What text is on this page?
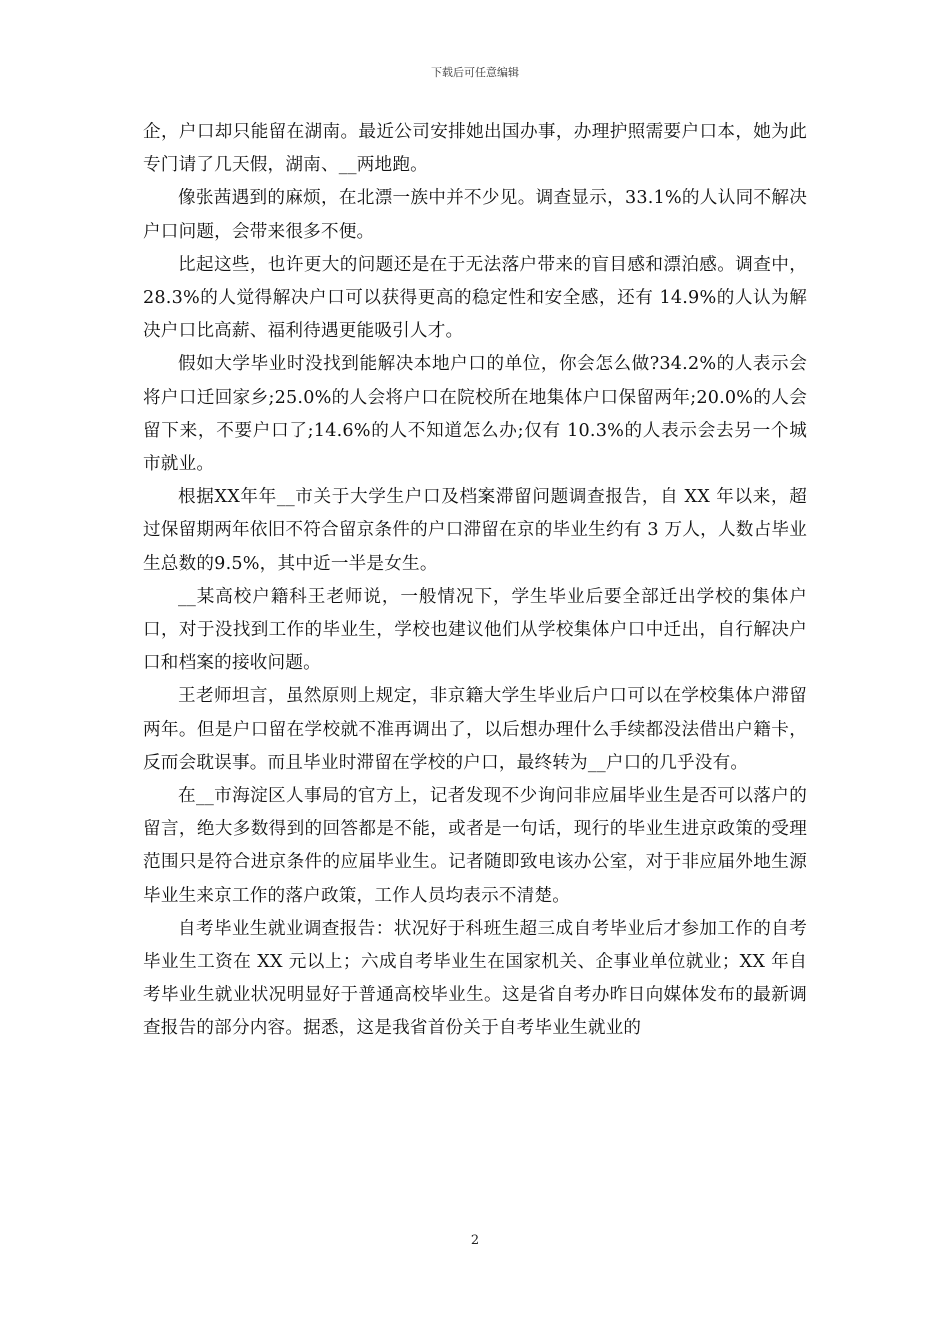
下载后可任意编辑

企，户口却只能留在湖南。最近公司安排她出国办事，办理护照需要户口本，她为此专门请了几天假，湖南、__两地跑。

像张茜遇到的麻烦，在北漂一族中并不少见。调查显示，33.1%的人认同不解决户口问题，会带来很多不便。

比起这些，也许更大的问题还是在于无法落户带来的盲目感和漂泊感。调查中，28.3%的人觉得解决户口可以获得更高的稳定性和安全感，还有 14.9%的人认为解决户口比高薪、福利待遇更能吸引人才。

假如大学毕业时没找到能解决本地户口的单位，你会怎么做?34.2%的人表示会将户口迁回家乡;25.0%的人会将户口在院校所在地集体户口保留两年;20.0%的人会留下来，不要户口了;14.6%的人不知道怎么办;仅有 10.3%的人表示会去另一个城市就业。

根据XX年年__市关于大学生户口及档案滞留问题调查报告，自 XX 年以来，超过保留期两年依旧不符合留京条件的户口滞留在京的毕业生约有 3 万人，人数占毕业生总数的9.5%，其中近一半是女生。

__某高校户籍科王老师说，一般情况下，学生毕业后要全部迁出学校的集体户口，对于没找到工作的毕业生，学校也建议他们从学校集体户口中迁出，自行解决户口和档案的接收问题。

王老师坦言，虽然原则上规定，非京籍大学生毕业后户口可以在学校集体户滞留两年。但是户口留在学校就不准再调出了，以后想办理什么手续都没法借出户籍卡，反而会耽误事。而且毕业时滞留在学校的户口，最终转为__户口的几乎没有。

在__市海淀区人事局的官方上，记者发现不少询问非应届毕业生是否可以落户的留言，绝大多数得到的回答都是不能，或者是一句话，现行的毕业生进京政策的受理范围只是符合进京条件的应届毕业生。记者随即致电该办公室，对于非应届外地生源毕业生来京工作的落户政策，工作人员均表示不清楚。

自考毕业生就业调查报告：状况好于科班生超三成自考毕业后才参加工作的自考毕业生工资在 XX 元以上；六成自考毕业生在国家机关、企事业单位就业；XX 年自考毕业生就业状况明显好于普通高校毕业生。这是省自考办昨日向媒体发布的最新调查报告的部分内容。据悉，这是我省首份关于自考毕业生就业的

2
